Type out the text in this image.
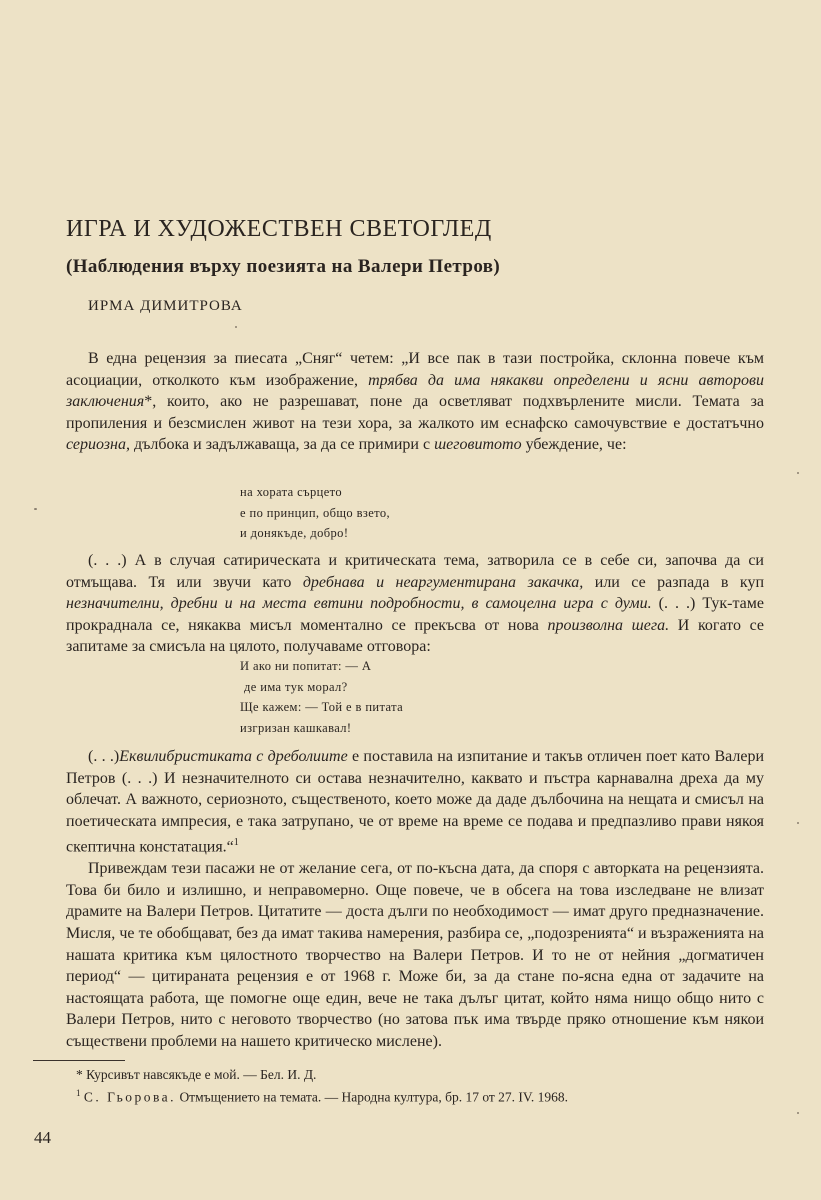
ИГРА И ХУДОЖЕСТВЕН СВЕТОГЛЕД
(Наблюдения върху поезията на Валери Петров)
ИРМА ДИМИТРОВА

В една рецензия за пиесата „Сняг“ четем: „И все пак в тази постройка, склонна повече към асоциации, отколкото към изображение, трябва да има някакви определени и ясни авторови заключения*, които, ако не разрешават, поне да осветляват подхвърлените мисли. Темата за пропиления и безсмислен живот на тези хора, за жалкото им еснафско самочувствие е достатъчно сериозна, дълбока и задължаваща, за да се примири с шеговитото убеждение, че:

на хората сърцето
е по принцип, общо взето,
и донякъде, добро!

(. . .) А в случая сатирическата и критическата тема, затворила се в себе си, започва да си отмъщава. Тя или звучи като дребнава и неаргументирана закачка, или се разпада в куп незначителни, дребни и на места евтини подробности, в самоцелна игра с думи. (. . .) Тук-таме прокрадналa се, някаква мисъл моментално се прекъсва от нова произволна шега. И когато се запитаме за смисъла на цялото, получаваме отговора:

И ако ни попитат: — А
де има тук морал?
Ще кажем: — Той е в питата
изгризан кашкавал!

(. . .)Еквилибристиката с дреболиите е поставила на изпитание и такъв отличен поет като Валери Петров (. . .) И незначителното си остава незначително, каквато и пъстра карнавална дреха да му облечат. А важното, сериозното, същественото, което може да даде дълбочина на нещата и смисъл на поетическата импресия, е така затрупано, че от време на време се подава и предпазливо прави някоя скептична констатация.“$^1$

Привеждам тези пасажи не от желание сега, от по-късна дата, да споря с авторката на рецензията. Това би било и излишно, и неправомерно. Още повече, че в обсега на това изследване не влизат драмите на Валери Петров. Цитатите — доста дълги по необходимост — имат друго предназначение. Мисля, че те обобщават, без да имат такива намерения, разбира се, „подозренията“ и възраженията на нашата критика към цялостното творчество на Валери Петров. И то не от нейния „догматичен период“ — цитираната рецензия е от 1968 г. Може би, за да стане по-ясна една от задачите на настоящата работа, ще помогне още един, вече не така дълъг цитат, който няма нищо общо нито с Валери Петров, нито с неговото творчество (но затова пък има твърде пряко отношение към някои съществени проблеми на нашето критическо мислене).

* Курсивът навсякъде е мой. — Бел. И. Д.
$^1$ С. Гьорова. Отмъщението на темата. — Народна култура, бр. 17 от 27. IV. 1968.
44
